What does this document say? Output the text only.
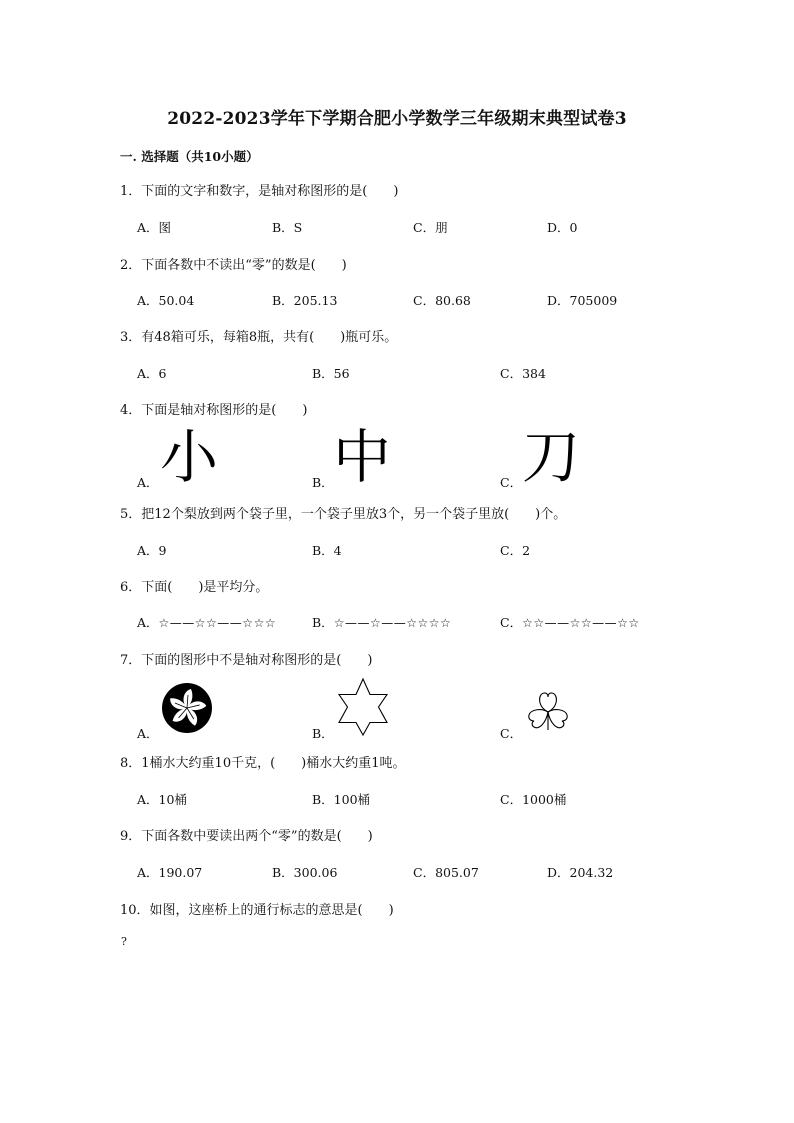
2022-2023学年下学期合肥小学数学三年级期末典型试卷3
一. 选择题（共10小题）
1．下面的文字和数字，是轴对称图形的是(　　)
A．图	B．S	C．朋	D．0
2．下面各数中不读出“零”的数是(　　)
A．50.04	B．205.13	C．80.68	D．705009
3．有48箱可乐，每箱8瓶，共有(　　)瓶可乐。
A．6	B．56	C．384
4．下面是轴对称图形的是(　　)
A． 小	B． 中	C． 刀
5．把12个梨放到两个袋子里，一个袋子里放3个，另一个袋子里放(　　)个。
A．9	B．4	C．2
6．下面(　　)是平均分。
A．☆——☆☆——☆☆☆	B．☆——☆——☆☆☆☆	C．☆☆——☆☆——☆☆
7．下面的图形中不是轴对称图形的是(　　)
A．	B．	C．
8．1桶水大约重10千克，(　　)桶水大约重1吨。
A．10桶	B．100桶	C．1000桶
9．下面各数中要读出两个“零”的数是(　　)
A．190.07	B．300.06	C．805.07	D．204.32
10．如图，这座桥上的通行标志的意思是(　　)
?
